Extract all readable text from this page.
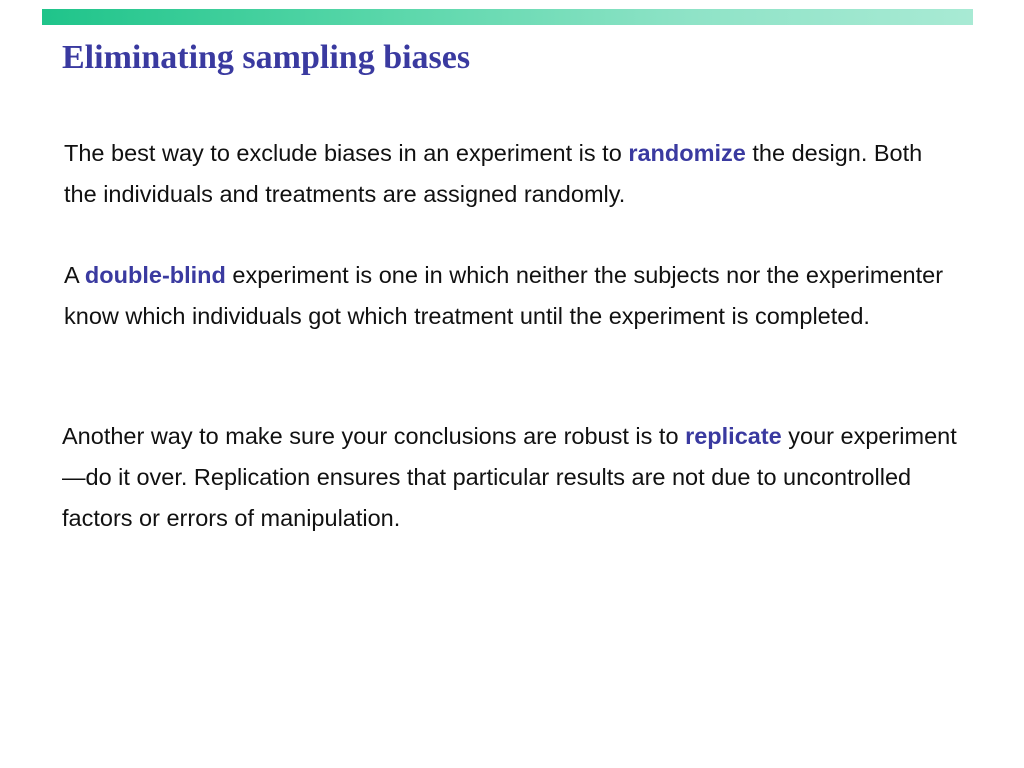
Eliminating sampling biases

The best way to exclude biases in an experiment is to randomize the design. Both the individuals and treatments are assigned randomly.

A double-blind experiment is one in which neither the subjects nor the experimenter know which individuals got which treatment until the experiment is completed.

Another way to make sure your conclusions are robust is to replicate your experiment—do it over. Replication ensures that particular results are not due to uncontrolled factors or errors of manipulation.
